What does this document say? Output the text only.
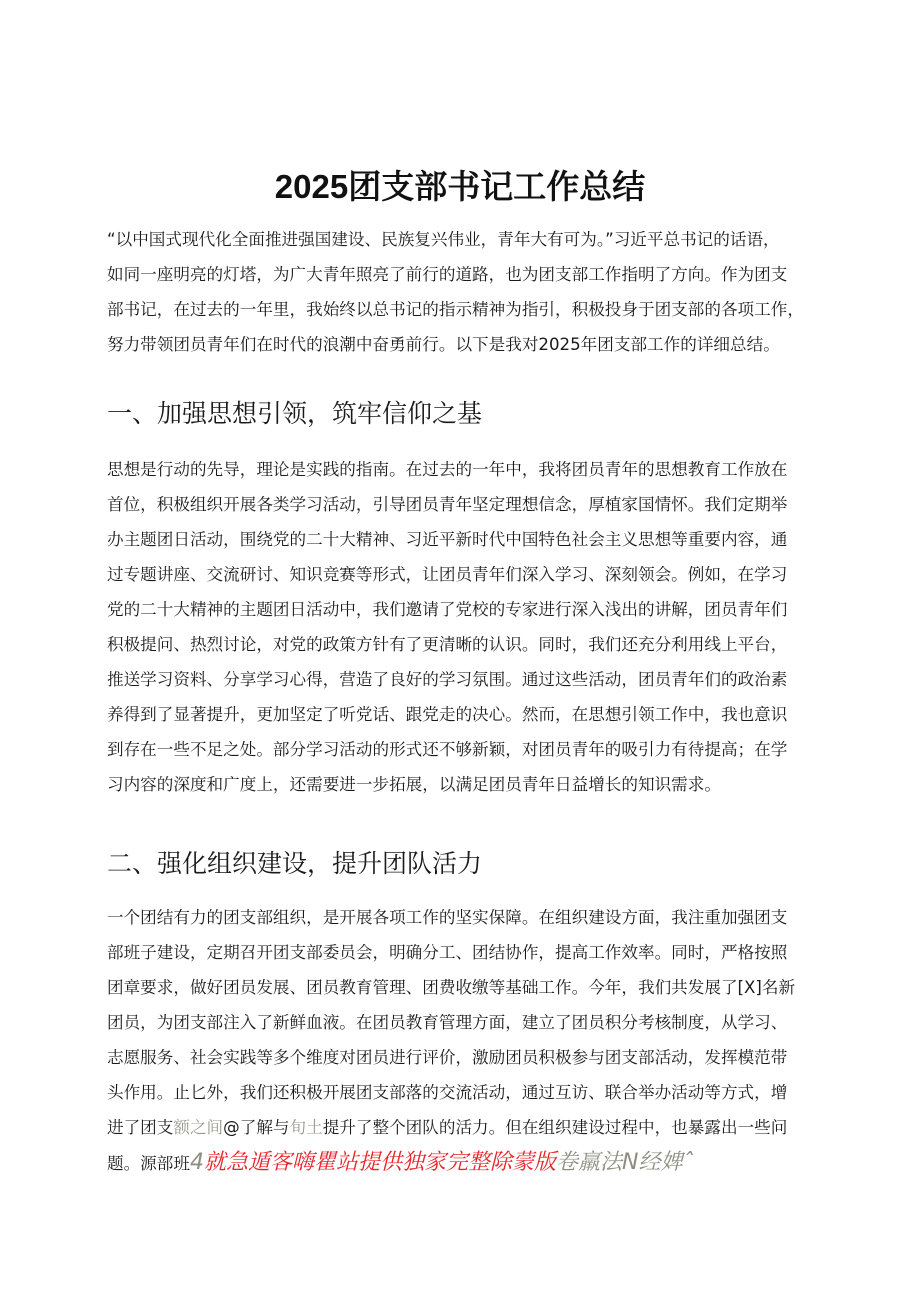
2025团支部书记工作总结

“以中国式现代化全面推进强国建设、民族复兴伟业，青年大有可为。”习近平总书记的话语，
如同一座明亮的灯塔，为广大青年照亮了前行的道路，也为团支部工作指明了方向。作为团支
部书记，在过去的一年里，我始终以总书记的指示精神为指引，积极投身于团支部的各项工作，
努力带领团员青年们在时代的浪潮中奋勇前行。以下是我对2025年团支部工作的详细总结。

一、加强思想引领，筑牢信仰之基

思想是行动的先导，理论是实践的指南。在过去的一年中，我将团员青年的思想教育工作放在
首位，积极组织开展各类学习活动，引导团员青年坚定理想信念，厚植家国情怀。我们定期举
办主题团日活动，围绕党的二十大精神、习近平新时代中国特色社会主义思想等重要内容，通
过专题讲座、交流研讨、知识竞赛等形式，让团员青年们深入学习、深刻领会。例如，在学习
党的二十大精神的主题团日活动中，我们邀请了党校的专家进行深入浅出的讲解，团员青年们
积极提问、热烈讨论，对党的政策方针有了更清晰的认识。同时，我们还充分利用线上平台，
推送学习资料、分享学习心得，营造了良好的学习氛围。通过这些活动，团员青年们的政治素
养得到了显著提升，更加坚定了听党话、跟党走的决心。然而，在思想引领工作中，我也意识
到存在一些不足之处。部分学习活动的形式还不够新颖，对团员青年的吸引力有待提高；在学
习内容的深度和广度上，还需要进一步拓展，以满足团员青年日益增长的知识需求。

二、强化组织建设，提升团队活力

一个团结有力的团支部组织，是开展各项工作的坚实保障。在组织建设方面，我注重加强团支
部班子建设，定期召开团支部委员会，明确分工、团结协作，提高工作效率。同时，严格按照
团章要求，做好团员发展、团员教育管理、团费收缴等基础工作。今年，我们共发展了[X]名新
团员，为团支部注入了新鲜血液。在团员教育管理方面，建立了团员积分考核制度，从学习、
志愿服务、社会实践等多个维度对团员进行评价，激励团员积极参与团支部活动，发挥模范带
头作用。止匕外，我们还积极开展团支部落的交流活动，通过互访、联合举办活动等方式，增
进了团支额之间@了解与旬土提升了整个团队的活力。但在组织建设过程中，也暴露出一些问
题。源部班4就急遁客嗨瞿站提供独家完整除蒙版卷羸法N经婢ˆ
